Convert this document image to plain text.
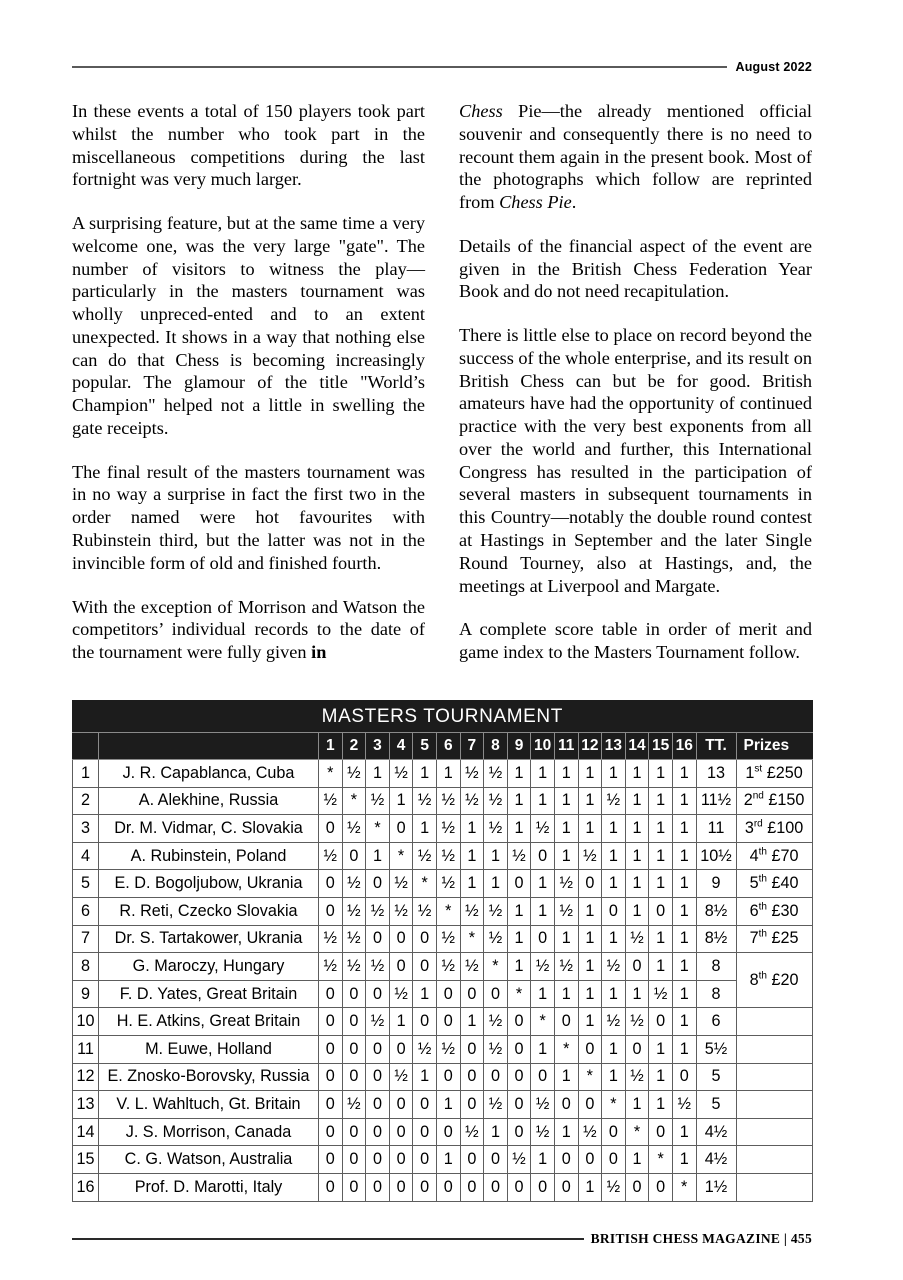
August 2022

In these events a total of 150 players took part whilst the number who took part in the miscellaneous competitions during the last fortnight was very much larger.

A surprising feature, but at the same time a very welcome one, was the very large "gate". The number of visitors to witness the play—particularly in the masters tournament was wholly unpreced-ented and to an extent unexpected. It shows in a way that nothing else can do that Chess is becoming increasingly popular. The glamour of the title "World’s Champion" helped not a little in swelling the gate receipts.

The final result of the masters tournament was in no way a surprise in fact the first two in the order named were hot favourites with Rubinstein third, but the latter was not in the invincible form of old and finished fourth.

With the exception of Morrison and Watson the competitors’ individual records to the date of the tournament were fully given in

Chess Pie—the already mentioned official souvenir and consequently there is no need to recount them again in the present book. Most of the photographs which follow are reprinted from Chess Pie.

Details of the financial aspect of the event are given in the British Chess Federation Year Book and do not need recapitulation.

There is little else to place on record beyond the success of the whole enterprise, and its result on British Chess can but be for good. British amateurs have had the opportunity of continued practice with the very best exponents from all over the world and further, this International Congress has resulted in the participation of several masters in subsequent tournaments in this Country—notably the double round contest at Hastings in September and the later Single Round Tourney, also at Hastings, and, the meetings at Liverpool and Margate.

A complete score table in order of merit and game index to the Masters Tournament follow.

MASTERS TOURNAMENT																			
		1	2	3	4	5	6	7	8	9	10	11	12	13	14	15	16	TT.	Prizes
1	J. R. Capablanca, Cuba	*	½	1	½	1	1	½	½	1	1	1	1	1	1	1	1	13	1st £250
2	A. Alekhine, Russia	½	*	½	1	½	½	½	½	1	1	1	1	½	1	1	1	11½	2nd £150
3	Dr. M. Vidmar, C. Slovakia	0	½	*	0	1	½	1	½	1	½	1	1	1	1	1	1	11	3rd £100
4	A. Rubinstein, Poland	½	0	1	*	½	½	1	1	½	0	1	½	1	1	1	1	10½	4th £70
5	E. D. Bogoljubow, Ukrania	0	½	0	½	*	½	1	1	0	1	½	0	1	1	1	1	9	5th £40
6	R. Reti, Czecko Slovakia	0	½	½	½	½	*	½	½	1	1	½	1	0	1	0	1	8½	6th £30
7	Dr. S. Tartakower, Ukrania	½	½	0	0	0	½	*	½	1	0	1	1	1	½	1	1	8½	7th £25
8	G. Maroczy, Hungary	½	½	½	0	0	½	½	*	1	½	½	1	½	0	1	1	8	8th £20
9	F. D. Yates, Great Britain	0	0	0	½	1	0	0	0	*	1	1	1	1	1	½	1	8	
10	H. E. Atkins, Great Britain	0	0	½	1	0	0	1	½	0	*	0	1	½	½	0	1	6	
11	M. Euwe, Holland	0	0	0	0	½	½	0	½	0	1	*	0	1	0	1	1	5½	
12	E. Znosko-Borovsky, Russia	0	0	0	½	1	0	0	0	0	0	1	*	1	½	1	0	5	
13	V. L. Wahltuch, Gt. Britain	0	½	0	0	0	1	0	½	0	½	0	0	*	1	1	½	5	
14	J. S. Morrison, Canada	0	0	0	0	0	0	½	1	0	½	1	½	0	*	0	1	4½	
15	C. G. Watson, Australia	0	0	0	0	0	1	0	0	½	1	0	0	0	1	*	1	4½	
16	Prof. D. Marotti, Italy	0	0	0	0	0	0	0	0	0	0	0	1	½	0	0	*	1½	
BRITISH CHESS MAGAZINE | 455
